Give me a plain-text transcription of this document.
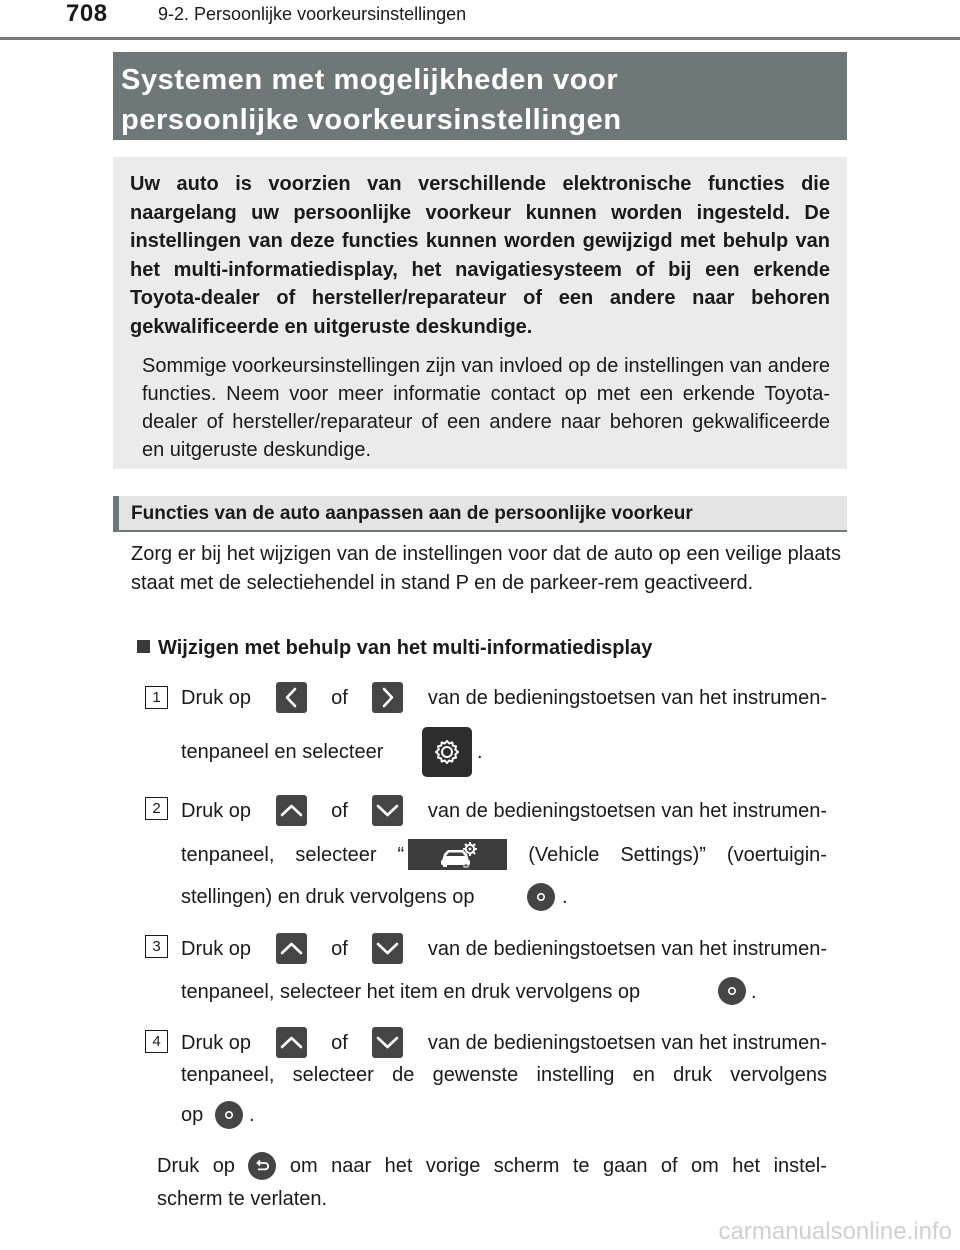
708	9-2. Persoonlijke voorkeursinstellingen
Systemen met mogelijkheden voor
persoonlijke voorkeursinstellingen

Uw auto is voorzien van verschillende elektronische functies die naargelang uw persoonlijke voorkeur kunnen worden ingesteld. De instellingen van deze functies kunnen worden gewijzigd met behulp van het multi-informatiedisplay, het navigatiesysteem of bij een erkende Toyota-dealer of hersteller/reparateur of een andere naar behoren gekwalificeerde en uitgeruste deskundige.

Sommige voorkeursinstellingen zijn van invloed op de instellingen van andere functies. Neem voor meer informatie contact op met een erkende Toyota-dealer of hersteller/reparateur of een andere naar behoren gekwalificeerde en uitgeruste deskundige.

Functies van de auto aanpassen aan de persoonlijke voorkeur

Zorg er bij het wijzigen van de instellingen voor dat de auto op een veilige plaats staat met de selectiehendel in stand P en de parkeer-rem geactiveerd.

Wijzigen met behulp van het multi-informatiedisplay
1	Druk op	of	van de bedieningstoetsen van het instrumen-
tenpaneel en selecteer	.
2	Druk op	of	van de bedieningstoetsen van het instrumen-
tenpaneel, selecteer “	(Vehicle Settings)” (voertuigin-
stellingen) en druk vervolgens op	.
3	Druk op	of	van de bedieningstoetsen van het instrumen-
tenpaneel, selecteer het item en druk vervolgens op	.
4	Druk op	of	van de bedieningstoetsen van het instrumen-
tenpaneel, selecteer de gewenste instelling en druk vervolgens
op .
Druk op	om naar het vorige scherm te gaan of om het instel-
scherm te verlaten.
carmanualsonline.info
